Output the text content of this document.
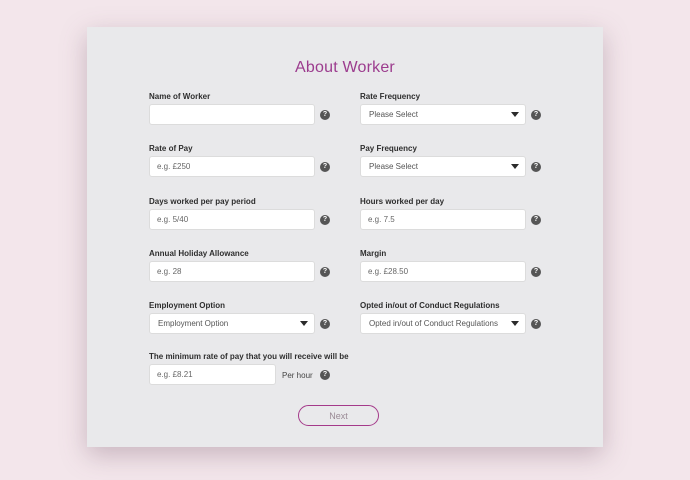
About Worker
Name of Worker
?
Rate Frequency
Please Select	?
Rate of Pay
e.g. £250
?
Pay Frequency
Please Select	?
Days worked per pay period
e.g. 5/40
?
Hours worked per day
e.g. 7.5
?
Annual Holiday Allowance
e.g. 28
?
Margin
e.g. £28.50
?
Employment Option
Employment Option	?
Opted in/out of Conduct Regulations
Opted in/out of Conduct Regulations	?
The minimum rate of pay that you will receive will be
e.g. £8.21
Per hour	?
Next
